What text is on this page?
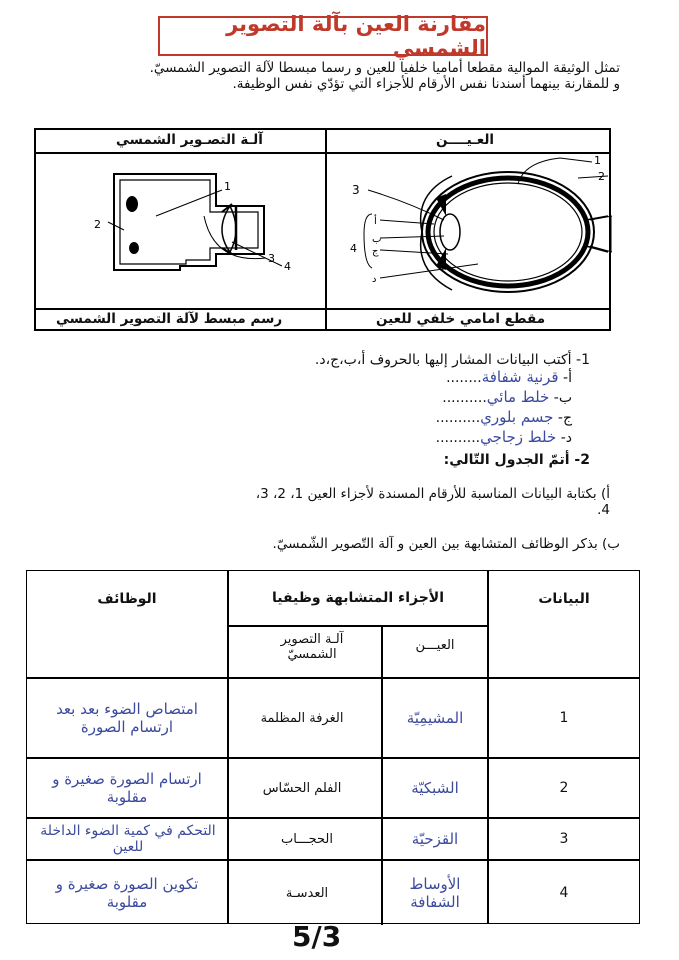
مقارنة العين بآلة التصوير الشمسي
تمثل الوثيقة الموالية مقطعا أماميا خلفيا للعين و رسما مبسطا لآلة التصوير الشمسيّ.
و للمقارنة بينهما أسندنا نفس الأرقام للأجزاء التي تؤدّي نفس الوظيفة.
آلـة التصـوير الشمسي	العـيــــن
1
2
3
4
1
2
3
4
أ
ب
ج
د
رسم مبسط لآلة التصوير الشمسي	مقطع امامي خلفي للعين
1- أكتب البيانات المشار إليها بالحروف أ،ب،ج،د.
أ- قرنية شفافة........
ب- خلط مائي..........
ج- جسم بلوري..........
د- خلط زجاجي..........
2- أتمّ الجدول التّالي:
أ) بكتابة البيانات المناسبة للأرقام المسندة لأجزاء العين 1، 2، 3، 4.
ب) بذكر الوظائف المتشابهة بين العين و آلة التّصوير الشّمسيّ.
البيانات
الأجزاء المتشابهة وظيفيا
الوظائف
العيـــن
آلـة التصوير الشمسيّ
1
المشيمِيّة
الغرفة المظلمة
امتصاص الضوء بعد بعد ارتسام الصورة
2
الشبكيّة
الفلم الحسّاس
ارتسام الصورة صغيرة و مقلوبة
3
القزحيّة
الحجـــاب
التحكم في كمية الضوء الداخلة للعين
4
الأوساط الشفافة
العدسـة
تكوين الصورة صغيرة و مقلوبة
5/3
